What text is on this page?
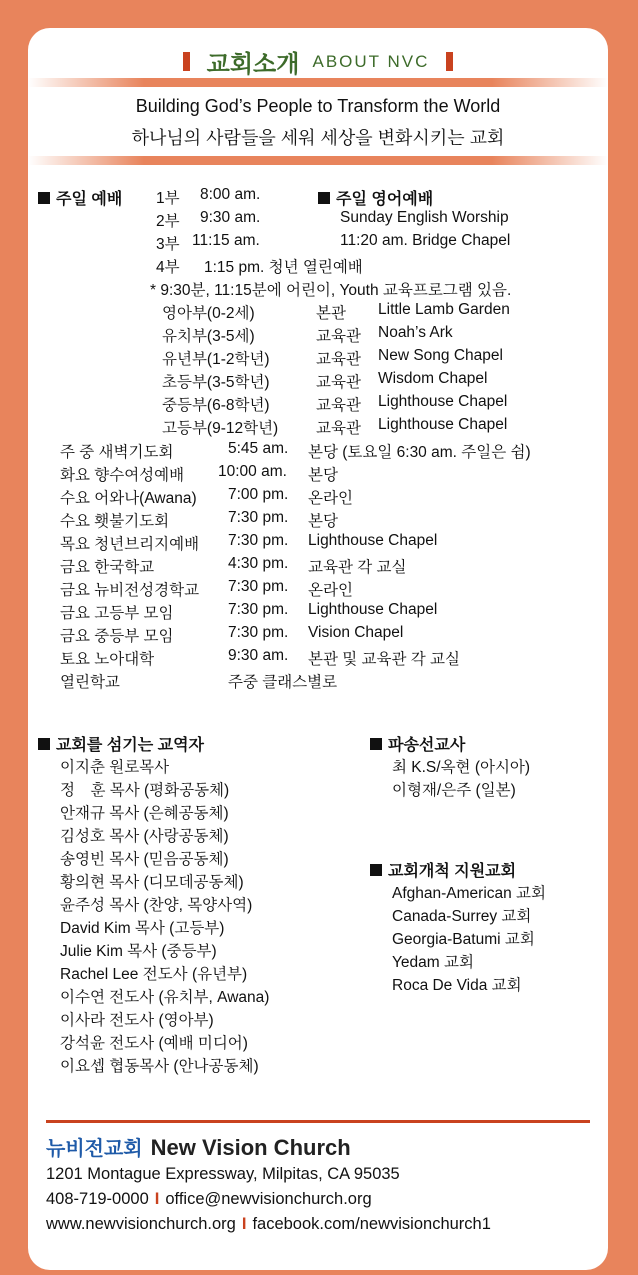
교회소개 ABOUT NVC
Building God’s People to Transform the World
하나님의 사람들을 세워 세상을 변화시키는 교회
주일 예배 1부 8:00 am.
2부 9:30 am.
3부 11:15 am.
4부 1:15 pm. 청년 열린예배
주일 영어예배
Sunday English Worship
11:20 am. Bridge Chapel
* 9:30분, 11:15분에 어린이, Youth 교육프로그램 있음.
영아부(0-2세)	본관 Little Lamb Garden
유치부(3-5세)	교육관 Noah’s Ark
유년부(1-2학년)	교육관 New Song Chapel
초등부(3-5학년)	교육관 Wisdom Chapel
중등부(6-8학년)	교육관 Lighthouse Chapel
고등부(9-12학년) 교육관 Lighthouse Chapel
주 중 새벽기도회	5:45 am. 본당 (토요일 6:30 am. 주일은 쉼)
화요 향수여성예배 10:00 am. 본당
수요 어와나(Awana) 7:00 pm. 온라인
수요 횃불기도회	7:30 pm. 본당
목요 청년브리지예배 7:30 pm. Lighthouse Chapel
금요 한국학교	4:30 pm. 교육관 각 교실
금요 뉴비전성경학교 7:30 pm. 온라인
금요 고등부 모임	7:30 pm. Lighthouse Chapel
금요 중등부 모임	7:30 pm. Vision Chapel
토요 노아대학	9:30 am. 본관 및 교육관 각 교실
열린학교	주중 클래스별로
교회를 섬기는 교역자
이지춘 원로목사
정　훈 목사 (평화공동체)
안재규 목사 (은혜공동체)
김성호 목사 (사랑공동체)
송영빈 목사 (믿음공동체)
황의현 목사 (디모데공동체)
윤주성 목사 (찬양, 목양사역)
David Kim 목사 (고등부)
Julie Kim 목사 (중등부)
Rachel Lee 전도사 (유년부)
이수연 전도사 (유치부, Awana)
이사라 전도사 (영아부)
강석윤 전도사 (예배 미디어)
이요셉 협동목사 (안나공동체)
파송선교사
최 K.S/옥현 (아시아)
이형재/은주 (일본)
교회개척 지원교회
Afghan-American 교회
Canada-Surrey 교회
Georgia-Batumi 교회
Yedam 교회
Roca De Vida 교회
뉴비전교회 New Vision Church
1201 Montague Expressway, Milpitas, CA 95035
408-719-0000 I office@newvisionchurch.org
www.newvisionchurch.org I facebook.com/newvisionchurch1
